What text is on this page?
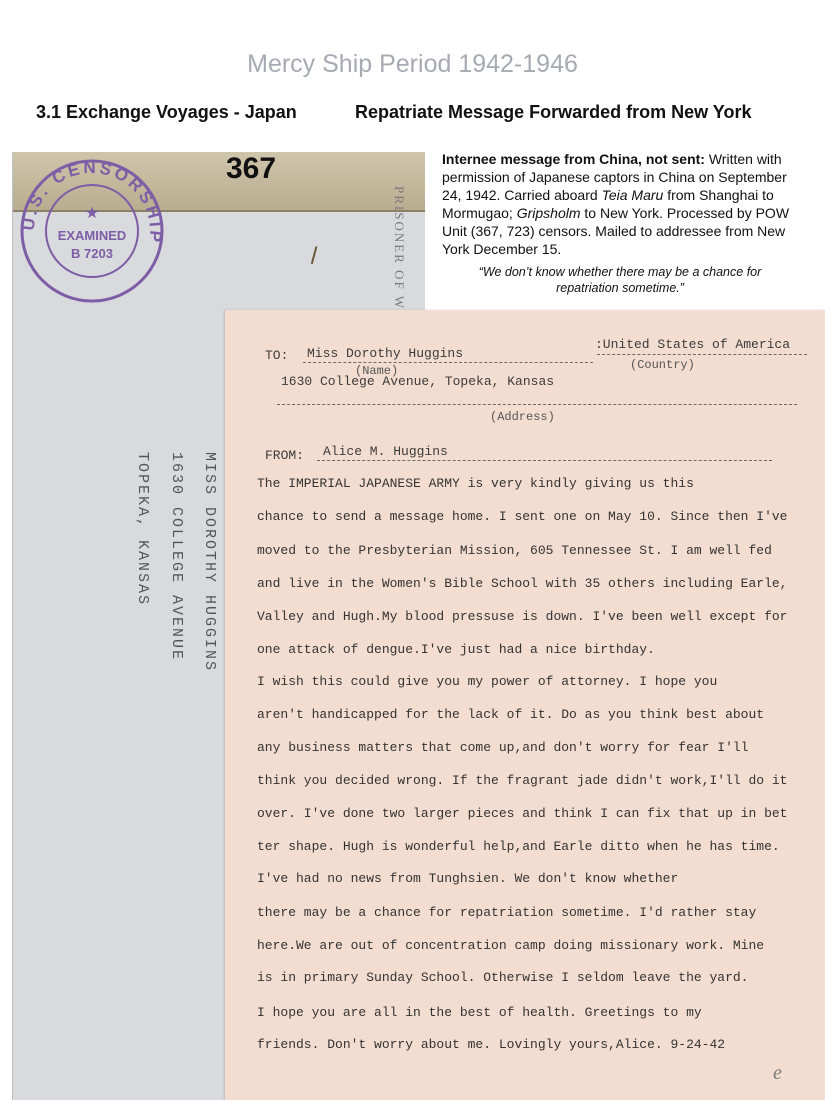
Mercy Ship Period 1942-1946
3.1 Exchange Voyages - Japan	Repatriate Message Forwarded from New York
367
U.S. CENSORSHIP
★
EXAMINED
B 7203	PRISONER OF W
MISS DOROTHY HUGGINS
1630 COLLEGE AVENUE
TOPEKA, KANSAS
Internee message from China, not sent: Written with permission of Japanese captors in China on September 24, 1942. Carried aboard Teia Maru from Shanghai to Mormugao; Gripsholm to New York. Processed by POW Unit (367, 723) censors. Mailed to addressee from New York December 15.
“We don’t know whether there may be a chance for repatriation sometime.”
TO: Miss Dorothy Huggins
(Name)
:United States of America
(Country)
1630 College Avenue, Topeka, Kansas
(Address)
FROM: Alice M. Huggins
The IMPERIAL JAPANESE ARMY is very kindly giving us this
chance to send a message home. I sent one on May 10. Since then I've
moved to the Presbyterian Mission, 605 Tennessee St. I am well fed
and live in the Women's Bible School with 35 others including Earle,
Valley and Hugh.My blood pressuse is down. I've been well except for
one attack of dengue.I've just had a nice birthday.
I wish this could give you my power of attorney. I hope you
aren't handicapped for the lack of it. Do as you think best about
any business matters that come up,and don't worry for fear I'll
think you decided wrong. If the fragrant jade didn't work,I'll do it
over. I've done two larger pieces and think I can fix that up in bet
ter shape. Hugh is wonderful help,and Earle ditto when he has time.
I've had no news from Tunghsien. We don't know whether
there may be a chance for repatriation sometime. I'd rather stay
here.We are out of concentration camp doing missionary work. Mine
is in primary Sunday School. Otherwise I seldom leave the yard.
I hope you are all in the best of health. Greetings to my
friends. Don't worry about me. Lovingly yours,Alice. 9-24-42
e
